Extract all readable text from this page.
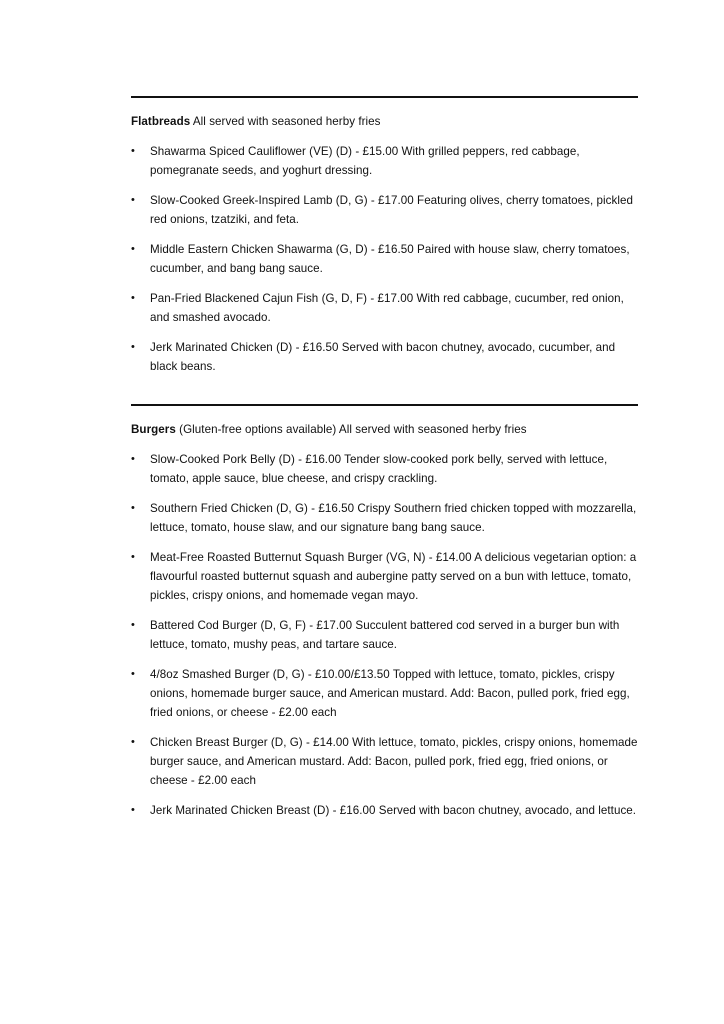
Flatbreads All served with seasoned herby fries
• Shawarma Spiced Cauliflower (VE) (D) - £15.00 With grilled peppers, red cabbage, pomegranate seeds, and yoghurt dressing.
• Slow-Cooked Greek-Inspired Lamb (D, G) - £17.00 Featuring olives, cherry tomatoes, pickled red onions, tzatziki, and feta.
• Middle Eastern Chicken Shawarma (G, D) - £16.50 Paired with house slaw, cherry tomatoes, cucumber, and bang bang sauce.
• Pan-Fried Blackened Cajun Fish (G, D, F) - £17.00 With red cabbage, cucumber, red onion, and smashed avocado.
• Jerk Marinated Chicken (D) - £16.50 Served with bacon chutney, avocado, cucumber, and black beans.
Burgers (Gluten-free options available) All served with seasoned herby fries
• Slow-Cooked Pork Belly (D) - £16.00 Tender slow-cooked pork belly, served with lettuce, tomato, apple sauce, blue cheese, and crispy crackling.
• Southern Fried Chicken (D, G) - £16.50 Crispy Southern fried chicken topped with mozzarella, lettuce, tomato, house slaw, and our signature bang bang sauce.
• Meat-Free Roasted Butternut Squash Burger (VG, N) - £14.00 A delicious vegetarian option: a flavourful roasted butternut squash and aubergine patty served on a bun with lettuce, tomato, pickles, crispy onions, and homemade vegan mayo.
• Battered Cod Burger (D, G, F) - £17.00 Succulent battered cod served in a burger bun with lettuce, tomato, mushy peas, and tartare sauce.
• 4/8oz Smashed Burger (D, G) - £10.00/£13.50 Topped with lettuce, tomato, pickles, crispy onions, homemade burger sauce, and American mustard. Add: Bacon, pulled pork, fried egg, fried onions, or cheese - £2.00 each
• Chicken Breast Burger (D, G) - £14.00 With lettuce, tomato, pickles, crispy onions, homemade burger sauce, and American mustard. Add: Bacon, pulled pork, fried egg, fried onions, or cheese - £2.00 each
• Jerk Marinated Chicken Breast (D) - £16.00 Served with bacon chutney, avocado, and lettuce.
